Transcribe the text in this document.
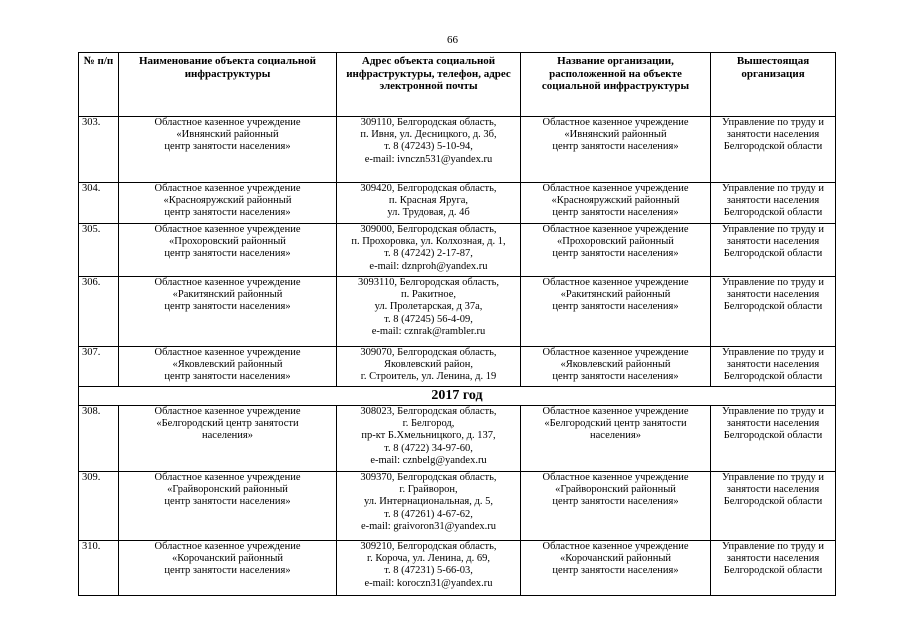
66
№ п/п	Наименование объекта социальной инфраструктуры	Адрес объекта социальной инфраструктуры, телефон, адрес электронной почты	Название организации, расположенной на объекте социальной инфраструктуры	Вышестоящая организация
303.	Областное казенное учреждение
«Ивнянский районный
центр занятости населения»	309110, Белгородская область,
п. Ивня, ул. Десницкого, д. 3б,
т. 8 (47243) 5-10-94,
e-mail: ivnczn531@yandex.ru	Областное казенное учреждение
«Ивнянский районный
центр занятости населения»	Управление по труду и
занятости населения
Белгородской области

304.	Областное казенное учреждение
«Краснояружский районный
центр занятости населения»	309420, Белгородская область,
п. Красная Яруга,
ул. Трудовая, д. 4б	Областное казенное учреждение
«Краснояружский районный
центр занятости населения»	Управление по труду и
занятости населения
Белгородской области

305.	Областное казенное учреждение
«Прохоровский районный
центр занятости населения»	309000, Белгородская область,
п. Прохоровка, ул. Колхозная, д. 1,
т. 8 (47242) 2-17-87,
e-mail: dznproh@yandex.ru	Областное казенное учреждение
«Прохоровский районный
центр занятости населения»	Управление по труду и
занятости населения
Белгородской области

306.	Областное казенное учреждение
«Ракитянский районный
центр занятости населения»	3093110, Белгородская область,
п. Ракитное,
ул. Пролетарская, д 37а,
т. 8 (47245) 56-4-09,
e-mail: cznrak@rambler.ru	Областное казенное учреждение
«Ракитянский районный
центр занятости населения»	Управление по труду и
занятости населения
Белгородской области

307.	Областное казенное учреждение
«Яковлевский районный
центр занятости населения»	309070, Белгородская область,
Яковлевский район,
г. Строитель, ул. Ленина, д. 19	Областное казенное учреждение
«Яковлевский районный
центр занятости населения»	Управление по труду и
занятости населения
Белгородской области

2017 год				
308.	Областное казенное учреждение
«Белгородский центр занятости
населения»	308023, Белгородская область,
г. Белгород,
пр-кт Б.Хмельницкого, д. 137,
т. 8 (4722) 34-97-60,
e-mail: cznbelg@yandex.ru	Областное казенное учреждение
«Белгородский центр занятости
населения»	Управление по труду и
занятости населения
Белгородской области

309.	Областное казенное учреждение
«Грайворонский районный
центр занятости населения»	309370, Белгородская область,
г. Грайворон,
ул. Интернациональная, д. 5,
т. 8 (47261) 4-67-62,
e-mail: graivoron31@yandex.ru	Областное казенное учреждение
«Грайворонский районный
центр занятости населения»	Управление по труду и
занятости населения
Белгородской области

310.	Областное казенное учреждение
«Корочанский районный
центр занятости населения»	309210, Белгородская область,
г. Короча, ул. Ленина, д. 69,
т. 8 (47231) 5-66-03,
e-mail: koroczn31@yandex.ru	Областное казенное учреждение
«Корочанский районный
центр занятости населения»	Управление по труду и
занятости населения
Белгородской области
